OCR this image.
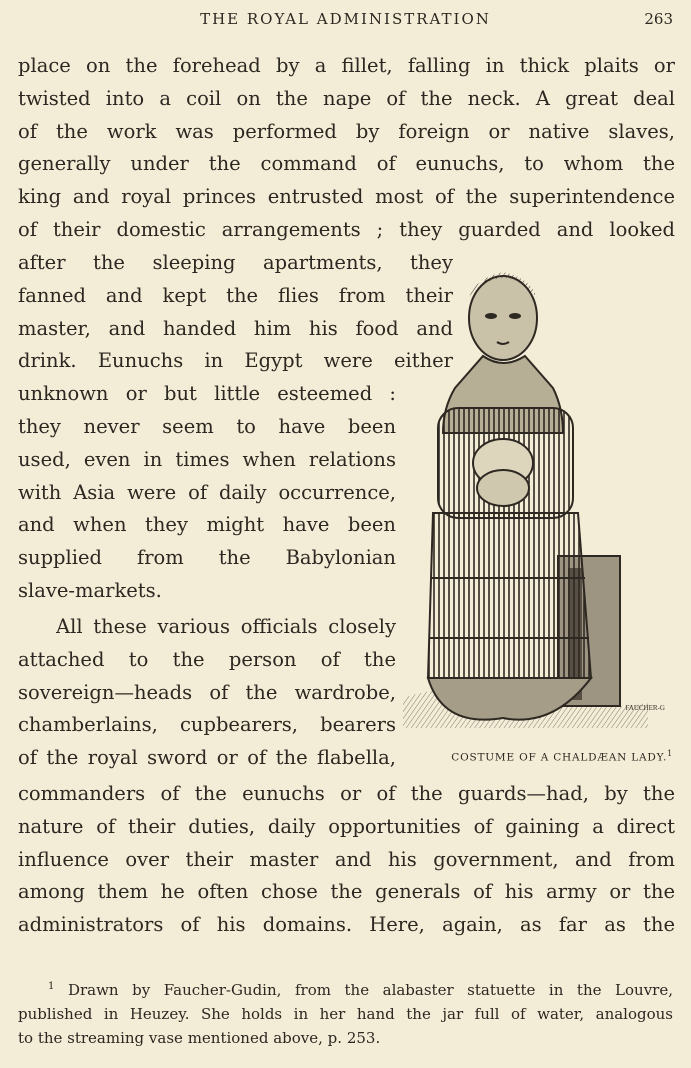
THE ROYAL ADMINISTRATION	263
place on the forehead by a fillet, falling in thick plaits or
twisted into a coil on the nape of the neck. A great deal
of the work was performed by foreign or native slaves,
generally under the command of eunuchs, to whom the
king and royal princes entrusted most of the superintendence
of their domestic arrangements ; they guarded and looked
after the sleeping apartments, they
fanned and kept the flies from their
master, and handed him his food and
drink. Eunuchs in Egypt were either
unknown or but little esteemed :
they never seem to have been
used, even in times when relations
with Asia were of daily occurrence,
and when they might have been
supplied from the Babylonian
slave-markets.
All these various officials closely
attached to the person of the
sovereign—heads of the wardrobe,
chamberlains, cupbearers, bearers
of the royal sword or of the flabella,
FAUCHER-G
COSTUME OF A CHALDÆAN LADY.$^1$
commanders of the eunuchs or of the guards—had, by the
nature of their duties, daily opportunities of gaining a direct
influence over their master and his government, and from
among them he often chose the generals of his army or the
administrators of his domains. Here, again, as far as the
$^1$ Drawn by Faucher-Gudin, from the alabaster statuette in the Louvre,
published in Heuzey. She holds in her hand the jar full of water, analogous
to the streaming vase mentioned above, p. 253.
